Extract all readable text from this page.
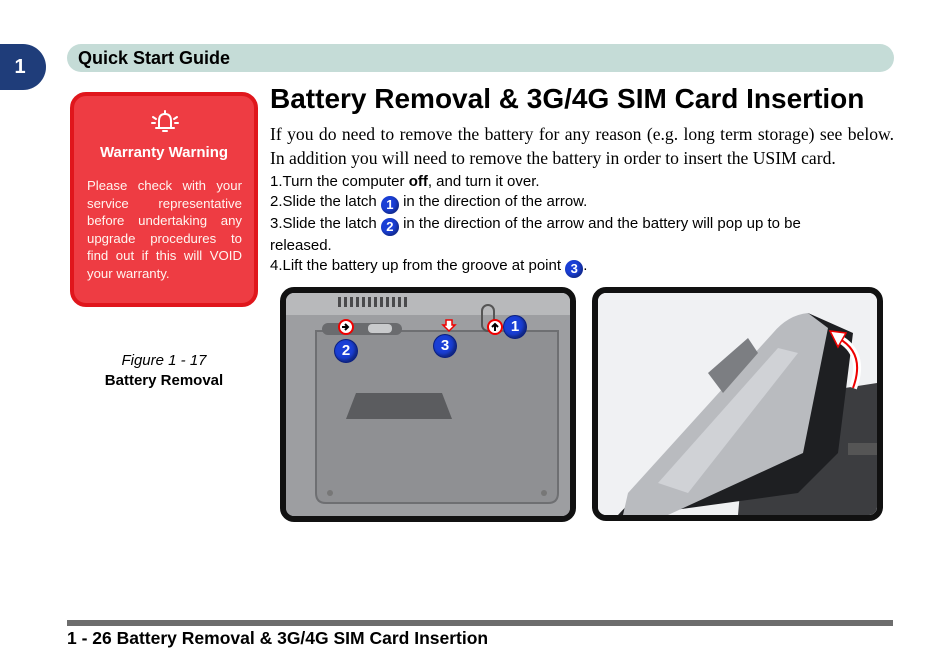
1	Quick Start Guide
Warranty Warning
Please check with your service representative before undertaking any upgrade procedures to find out if this will VOID your warranty.
Figure 1 - 17
Battery Removal
Battery Removal & 3G/4G SIM Card Insertion
If you do need to remove the battery for any reason (e.g. long term storage) see below. In addition you will need to remove the battery in order to insert the USIM card.
1.Turn the computer off, and turn it over.
2.Slide the latch 1 in the direction of the arrow.
3.Slide the latch 2 in the direction of the arrow and the battery will pop up to be
released.
4.Lift the battery up from the groove at point 3 .
1
2	3
1 - 26 Battery Removal & 3G/4G SIM Card Insertion
